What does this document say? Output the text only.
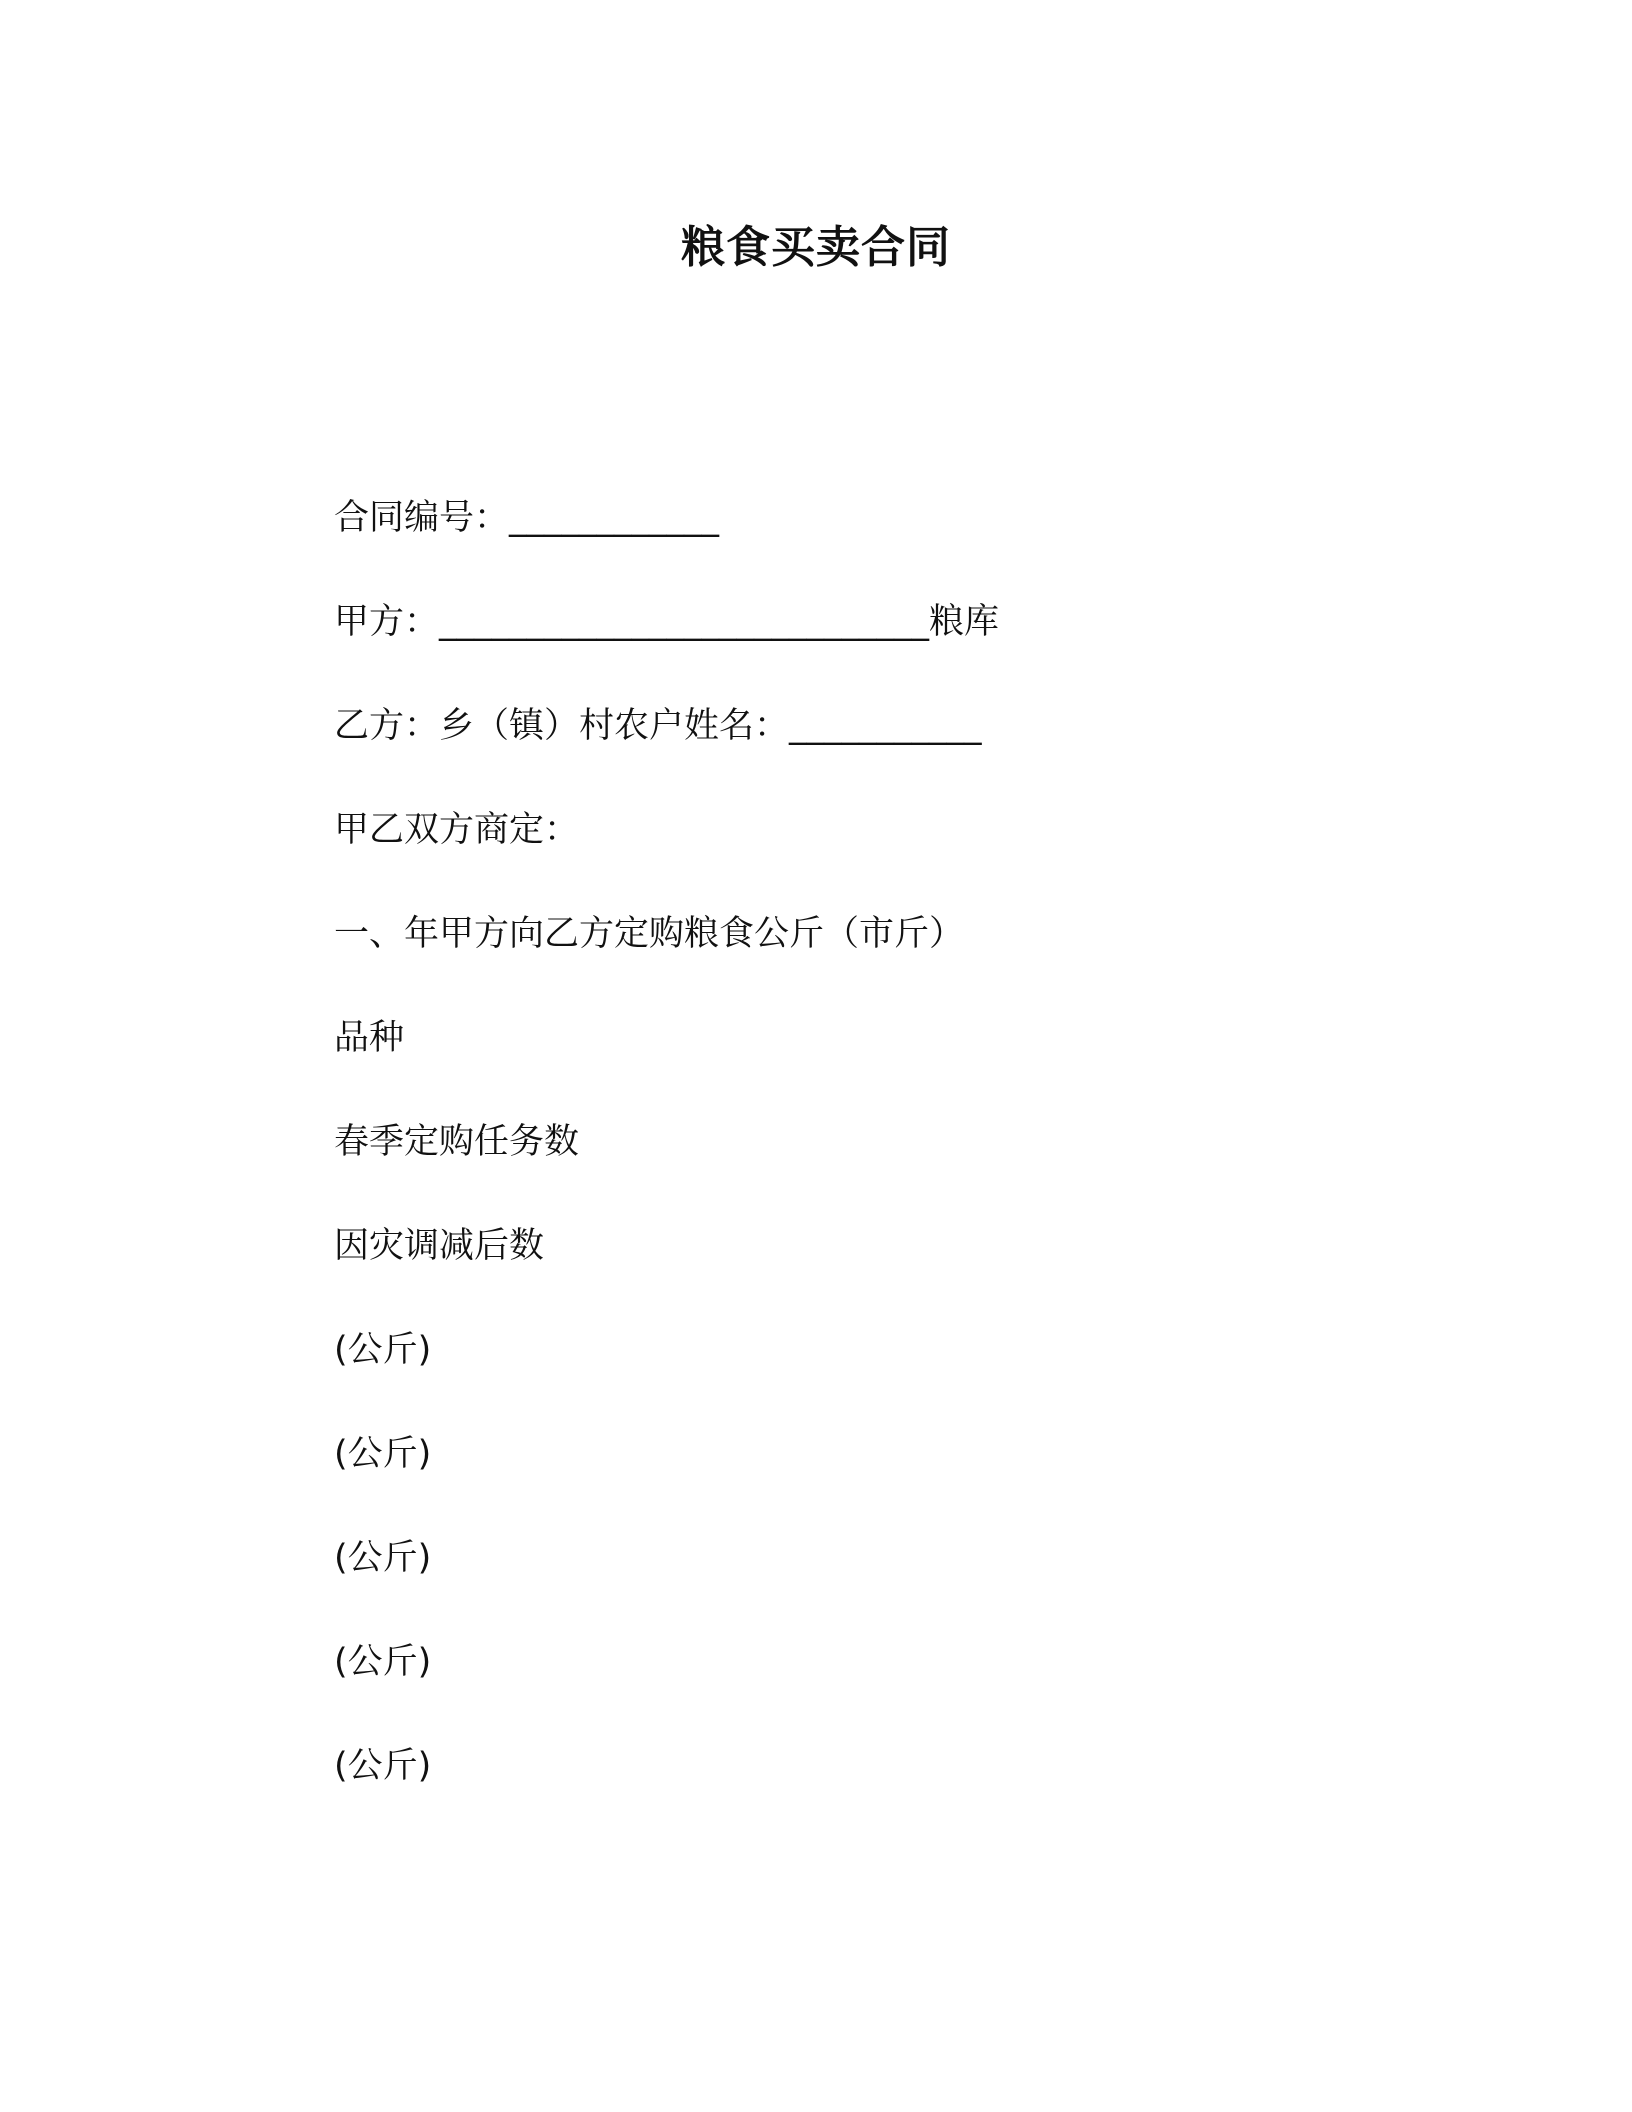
粮食买卖合同
合同编号：____________
甲方：____________________________粮库
乙方：乡（镇）村农户姓名：___________
甲乙双方商定：
一、年甲方向乙方定购粮食公斤（市斤）
品种
春季定购任务数
因灾调减后数
(公斤)
(公斤)
(公斤)
(公斤)
(公斤)
